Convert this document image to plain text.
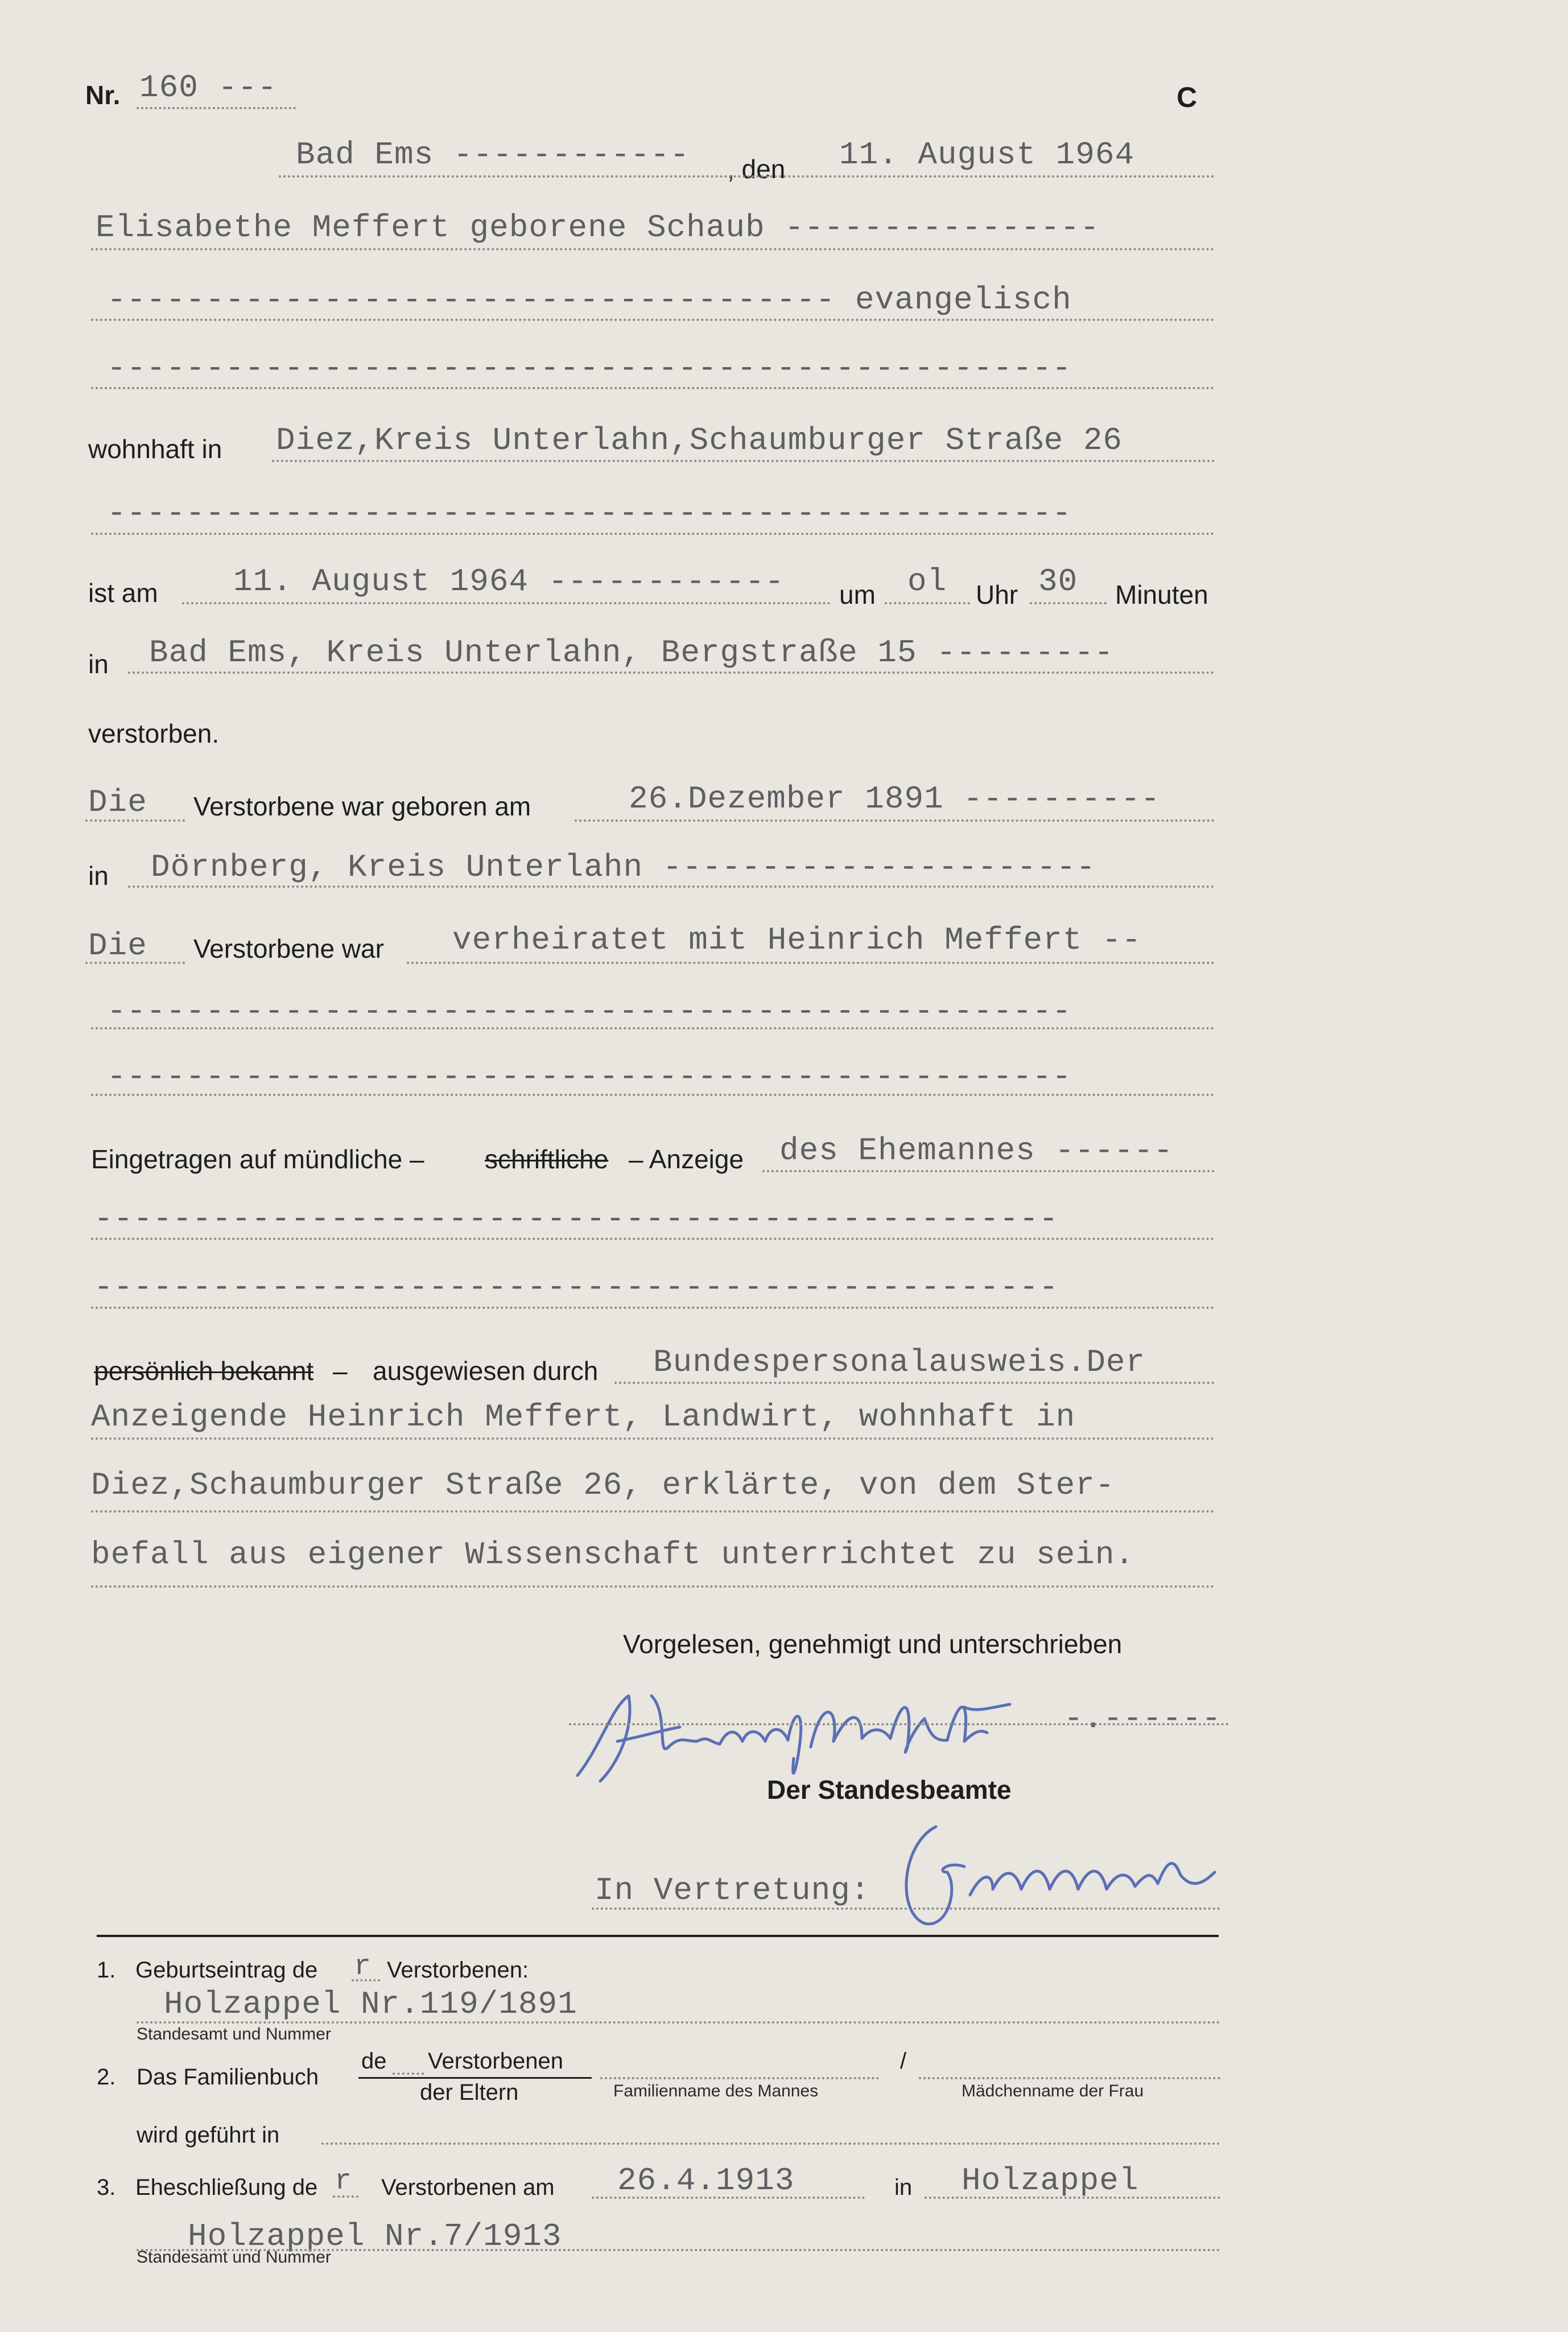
Nr. 160 ---	C
Bad Ems ------------ , den 11. August 1964
Elisabethe Meffert geborene Schaub ----------------
------------------------------------- evangelisch
-------------------------------------------------
wohnhaft in Diez,Kreis Unterlahn,Schaumburger Straße 26
-------------------------------------------------
ist am 11. August 1964 ------------ um ol Uhr 30 Minuten
in Bad Ems, Kreis Unterlahn, Bergstraße 15 ---------
verstorben.
Die Verstorbene war geboren am	26.Dezember 1891 ----------
in Dörnberg, Kreis Unterlahn ----------------------
Die Verstorbene war verheiratet mit Heinrich Meffert --
-------------------------------------------------
-------------------------------------------------
Eingetragen auf mündliche – schriftliche – Anzeige des Ehemannes ------
-------------------------------------------------
-------------------------------------------------
persönlich bekannt – ausgewiesen durch Bundespersonalausweis.Der
Anzeigende Heinrich Meffert, Landwirt, wohnhaft in
Diez,Schaumburger Straße 26, erklärte, von dem Ster-
befall aus eigener Wissenschaft unterrichtet zu sein.
Vorgelesen, genehmigt und unterschrieben
-.------
Der Standesbeamte
In Vertretung:
1. Geburtseintrag de r Verstorbenen:
Holzappel Nr.119/1891
Standesamt und Nummer
2. Das Familienbuch
de Verstorbenen
der Eltern
/
Familienname des Mannes	Mädchenname der Frau
wird geführt in
3. Eheschließung de r Verstorbenen am 26.4.1913	in Holzappel
Holzappel Nr.7/1913
Standesamt und Nummer
